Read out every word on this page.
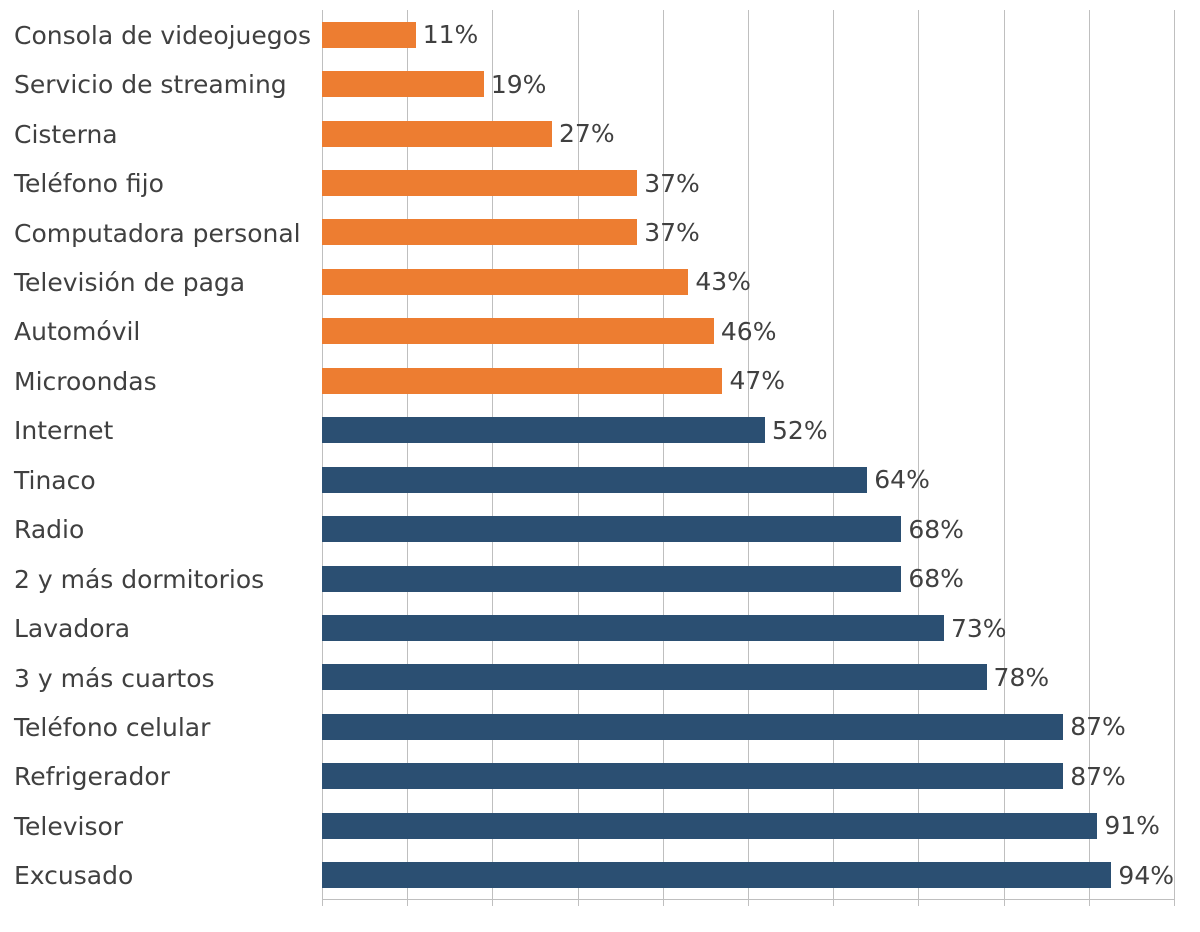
Consola de videojuegos
Servicio de streaming
Cisterna
Teléfono fijo
Computadora personal
Televisión de paga
Automóvil
Microondas
Internet
Tinaco
Radio
2 y más dormitorios
Lavadora
3 y más cuartos
Teléfono celular
Refrigerador
Televisor
Excusado
11%
19%
27%
37%
37%
43%
46%
47%
52%
64%
68%
68%
73%
78%
87%
87%
91%
94%
